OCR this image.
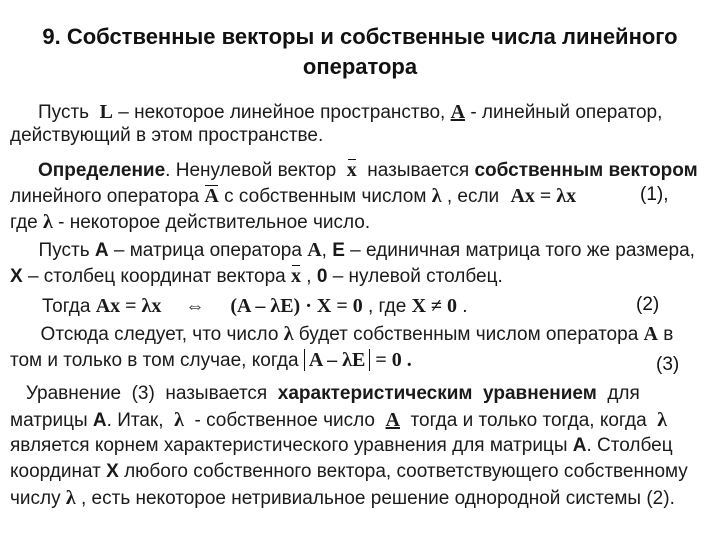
9. Собственные векторы и собственные числа линейного
оператора
Пусть  L – некоторое линейное пространство, A - линейный оператор,
действующий в этом пространстве.
Определение. Ненулевой вектор  x  называется собственным вектором
линейного оператора A с собственным числом λ , если Ax = λx	(1),
где λ - некоторое действительное число.
Пусть A – матрица оператора A, E – единичная матрица того же размера,
X – столбец координат вектора x , 0 – нулевой столбец.
Тогда Ax = λx ⇔ (A – λE) · X = 0 , где X ≠ 0 .	(2)
Отсюда следует, что число λ будет собственным числом оператора A в
том и только в том случае, когда A – λE = 0 .	(3)
Уравнение  (3)  называется  характеристическим  уравнением  для
матрицы A. Итак,  λ  - собственное число  A  тогда и только тогда, когда  λ
является корнем характеристического уравнения для матрицы A. Столбец
координат X любого собственного вектора, соответствующего собственному
числу λ , есть некоторое нетривиальное решение однородной системы (2).
